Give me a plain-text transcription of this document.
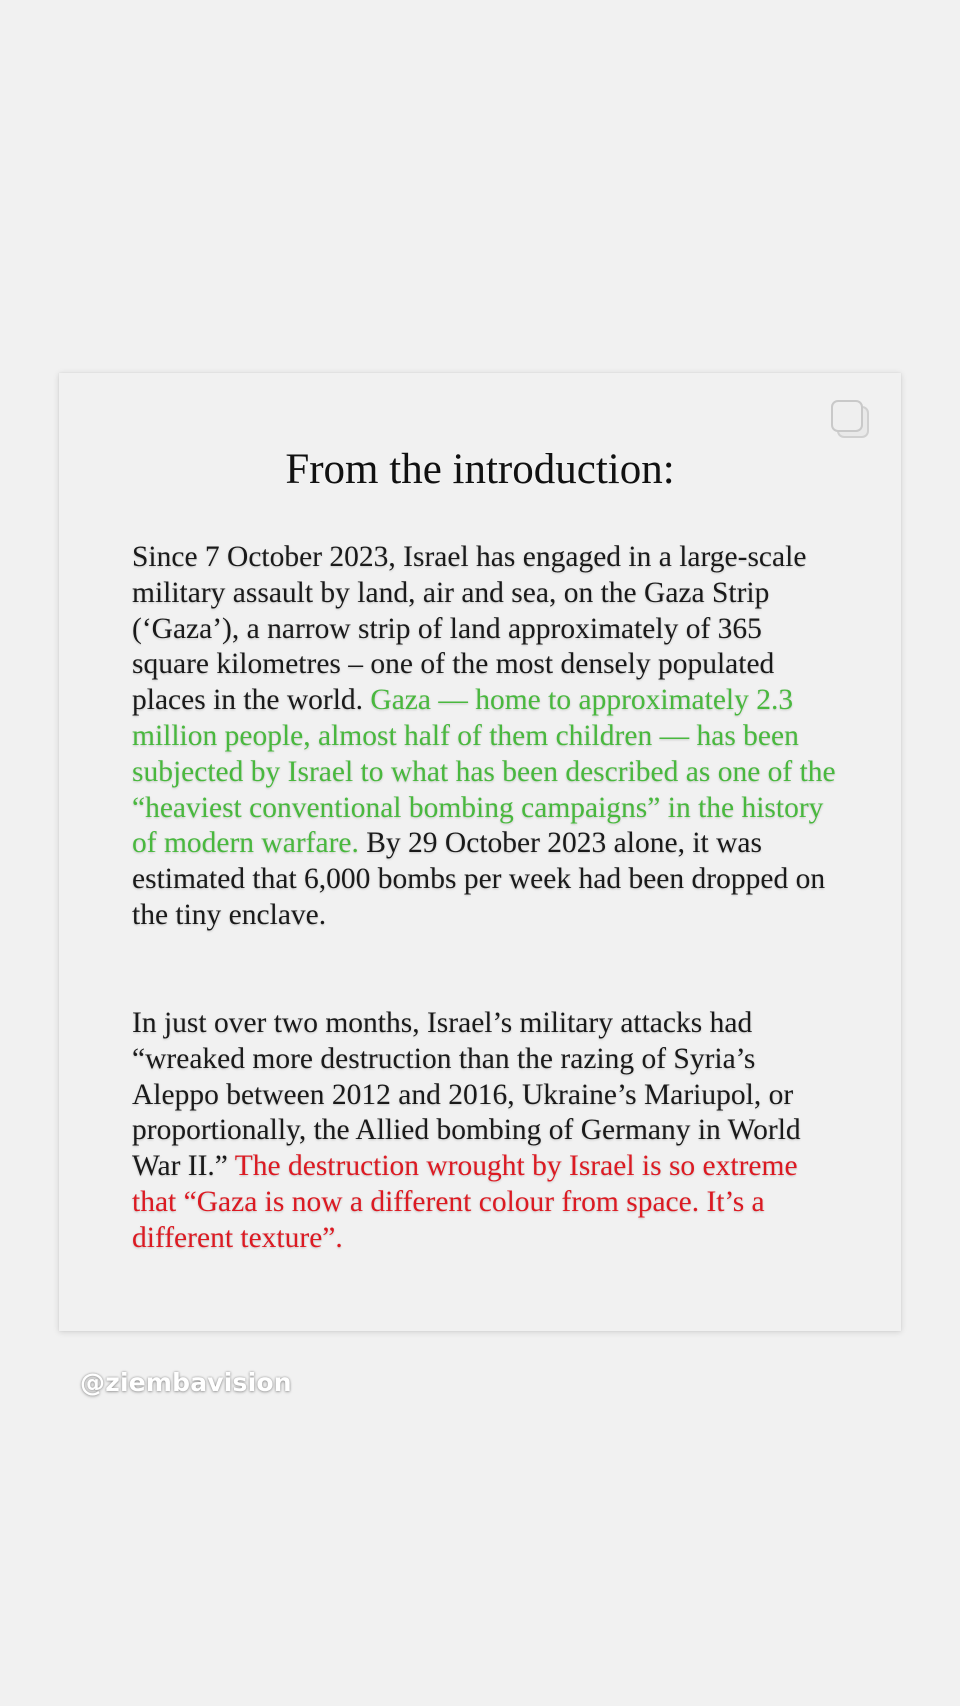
From the introduction:

Since 7 October 2023, Israel has engaged in a large-scale military assault by land, air and sea, on the Gaza Strip (‘Gaza’), a narrow strip of land approximately of 365 square kilometres – one of the most densely populated places in the world. Gaza — home to approximately 2.3 million people, almost half of them children — has been subjected by Israel to what has been described as one of the “heaviest conventional bombing campaigns” in the history of modern warfare. By 29 October 2023 alone, it was estimated that 6,000 bombs per week had been dropped on the tiny enclave.

In just over two months, Israel’s military attacks had “wreaked more destruction than the razing of Syria’s Aleppo between 2012 and 2016, Ukraine’s Mariupol, or proportionally, the Allied bombing of Germany in World War II.” The destruction wrought by Israel is so extreme that “Gaza is now a different colour from space. It’s a different texture”.

@ziembavision
